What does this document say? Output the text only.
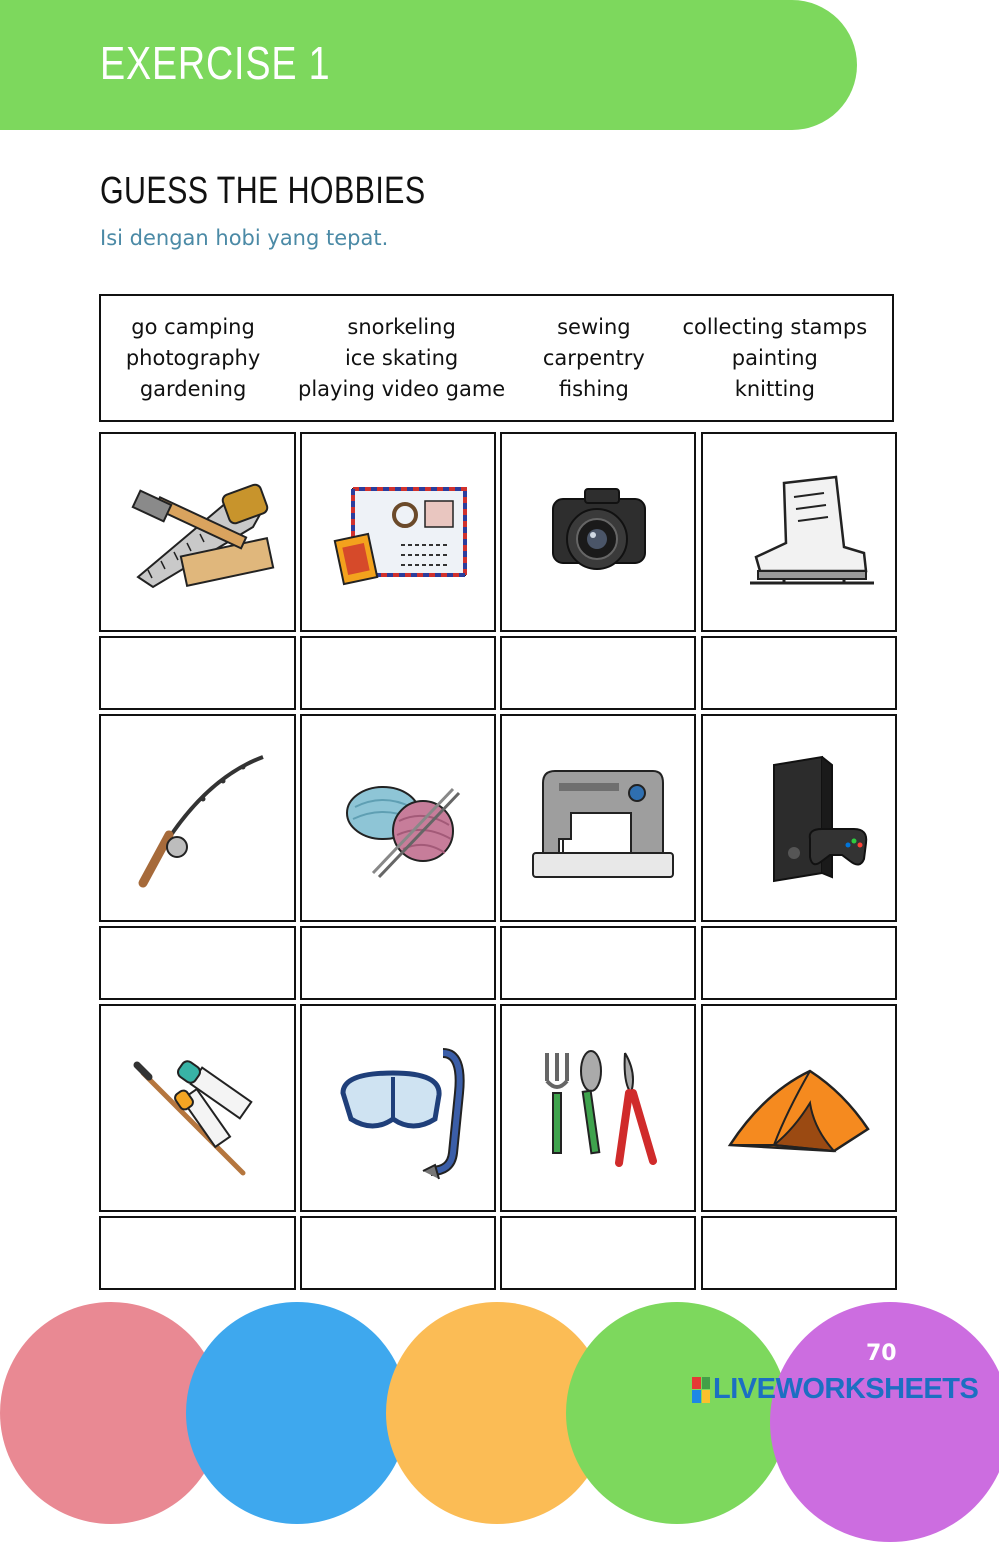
EXERCISE 1
GUESS THE HOBBIES
Isi dengan hobi yang tepat.
go camping
photography
gardening
snorkeling
ice skating
playing video game
sewing
carpentry
fishing
collecting stamps
painting
knitting
70
LIVEWORKSHEETS
